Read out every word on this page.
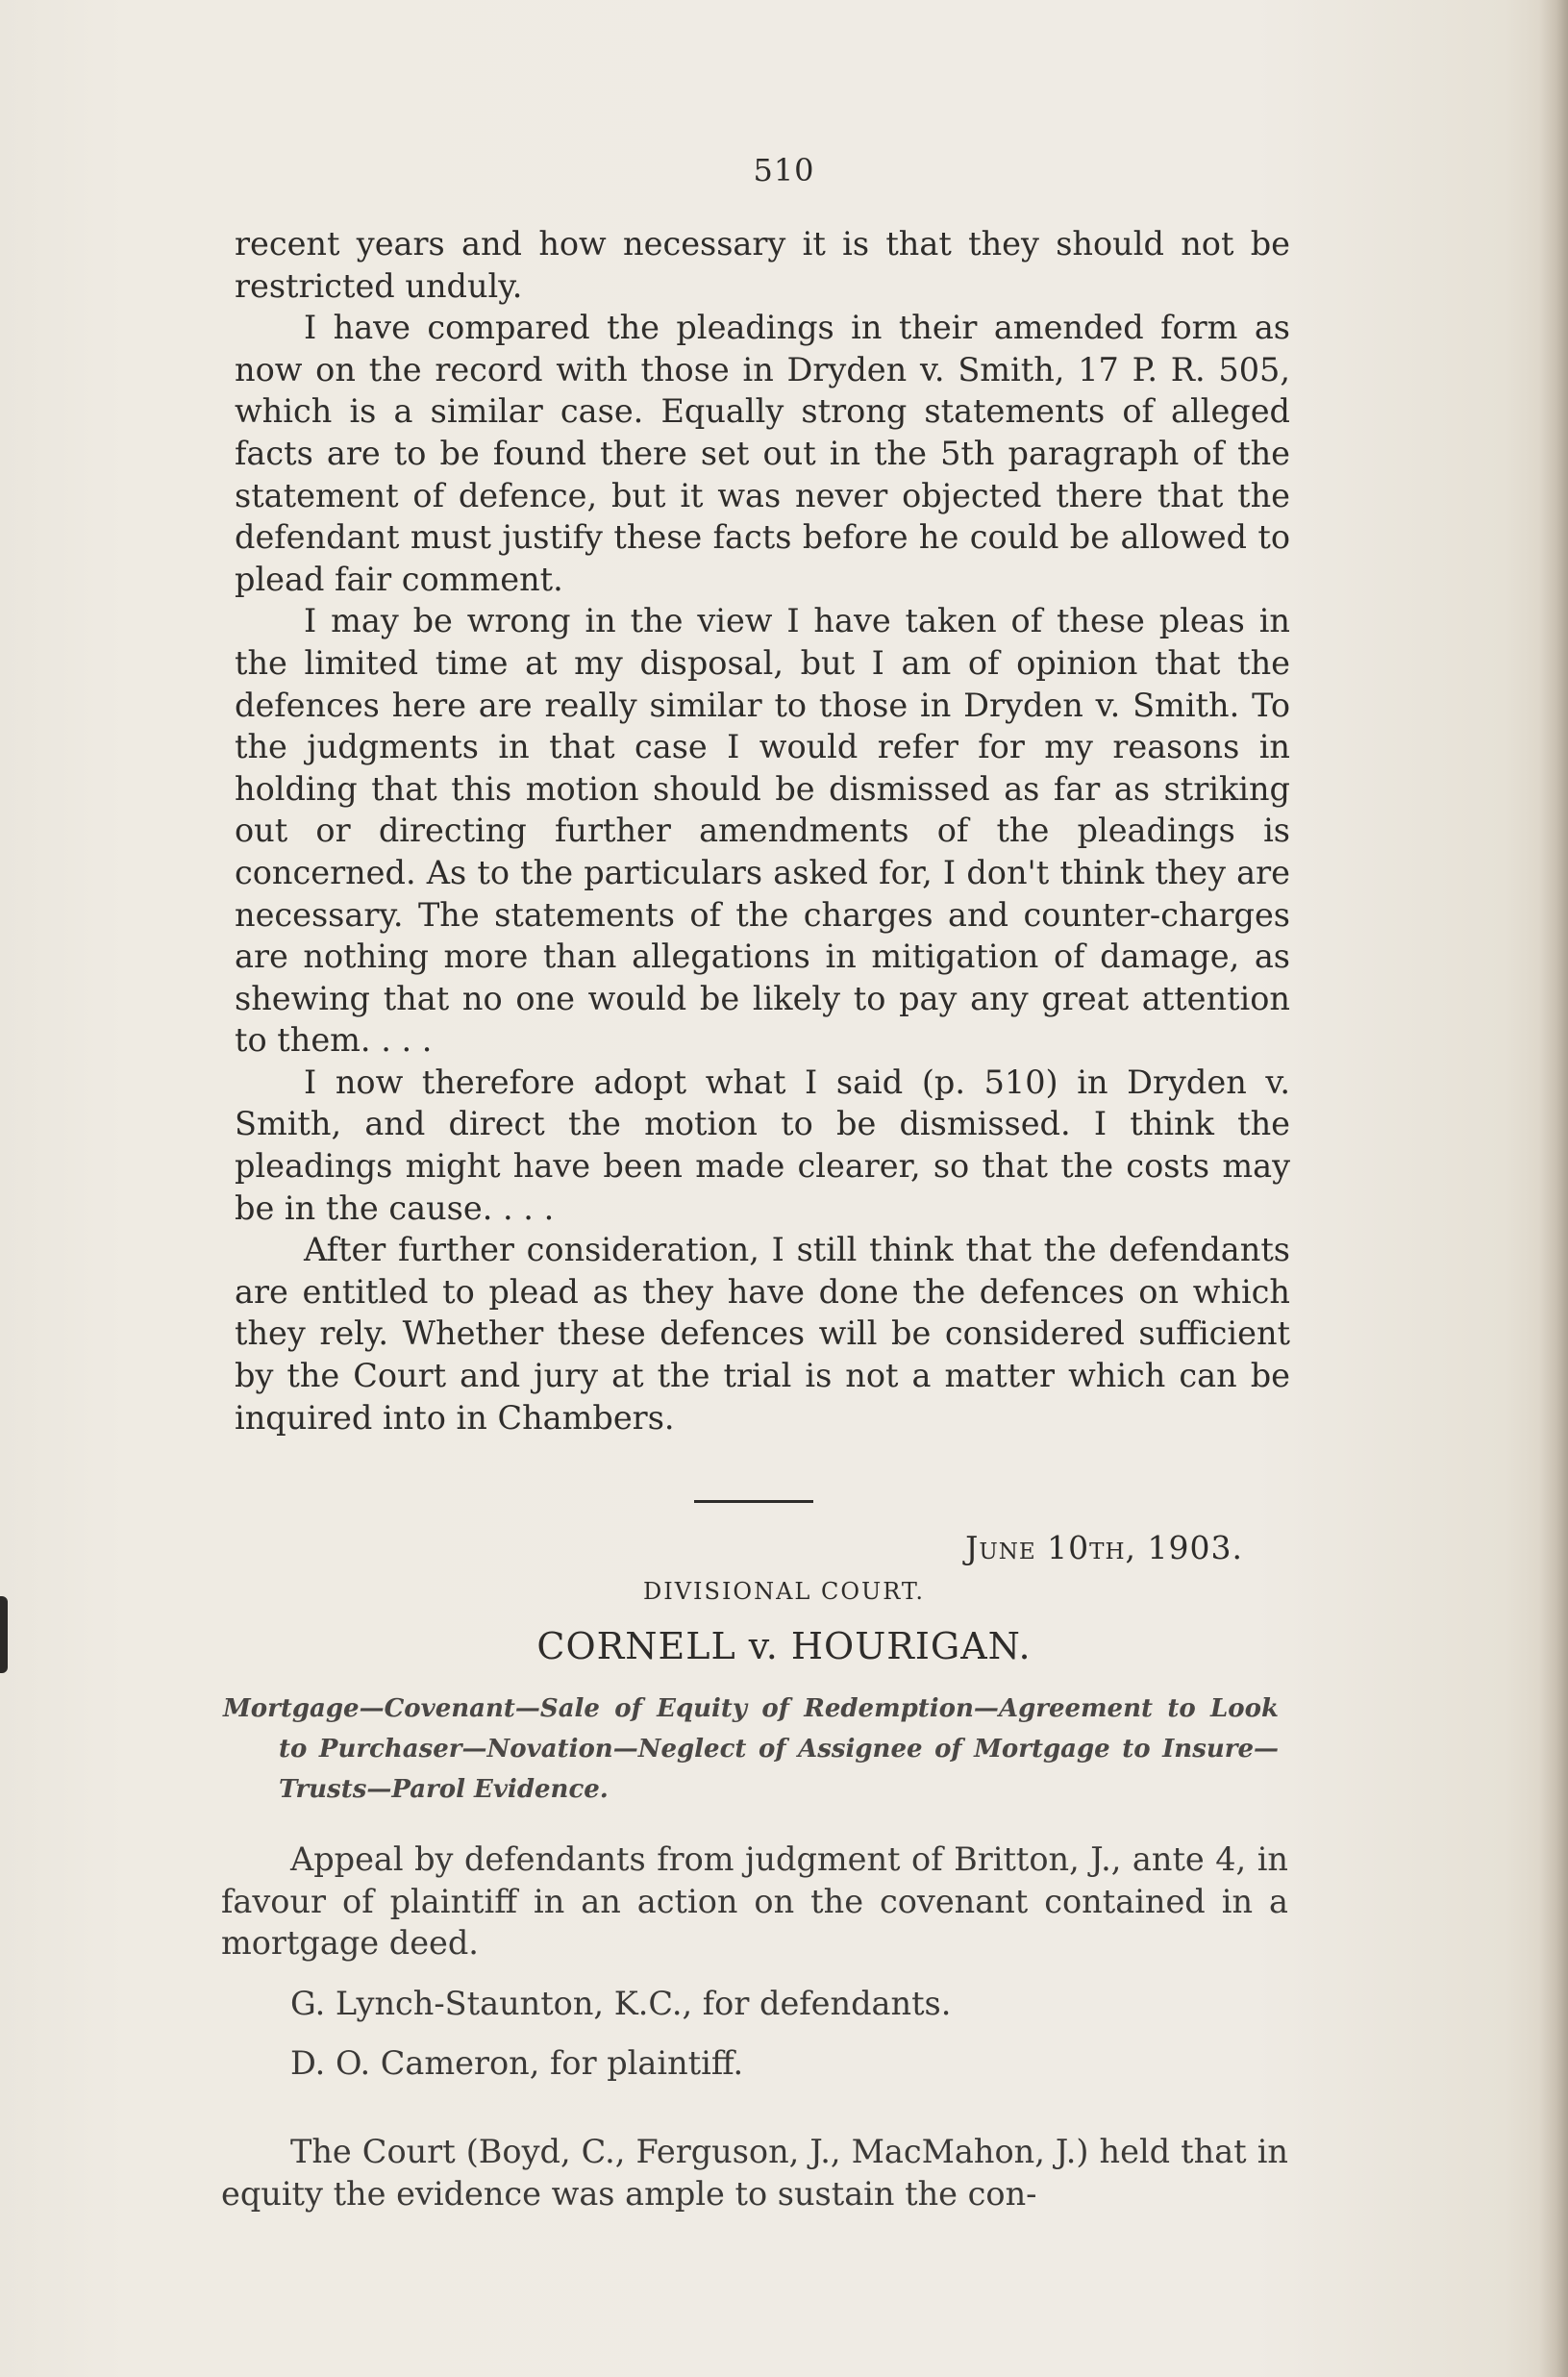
510

recent years and how necessary it is that they should not be restricted unduly.

I have compared the pleadings in their amended form as now on the record with those in Dryden v. Smith, 17 P. R. 505, which is a similar case. Equally strong statements of alleged facts are to be found there set out in the 5th paragraph of the statement of defence, but it was never objected there that the defendant must justify these facts before he could be allowed to plead fair comment.

I may be wrong in the view I have taken of these pleas in the limited time at my disposal, but I am of opinion that the defences here are really similar to those in Dryden v. Smith. To the judgments in that case I would refer for my reasons in holding that this motion should be dismissed as far as striking out or directing further amendments of the pleadings is concerned. As to the particulars asked for, I don't think they are necessary. The statements of the charges and counter-charges are nothing more than allegations in mitigation of damage, as shewing that no one would be likely to pay any great attention to them. . . .

I now therefore adopt what I said (p. 510) in Dryden v. Smith, and direct the motion to be dismissed. I think the pleadings might have been made clearer, so that the costs may be in the cause. . . .

After further consideration, I still think that the defendants are entitled to plead as they have done the defences on which they rely. Whether these defences will be considered sufficient by the Court and jury at the trial is not a matter which can be inquired into in Chambers.

June 10th, 1903.
DIVISIONAL COURT.
CORNELL v. HOURIGAN.
Mortgage—Covenant—Sale of Equity of Redemption—Agreement to Look to Purchaser—Novation—Neglect of Assignee of Mortgage to Insure—Trusts—Parol Evidence.

Appeal by defendants from judgment of Britton, J., ante 4, in favour of plaintiff in an action on the covenant contained in a mortgage deed.

G. Lynch-Staunton, K.C., for defendants.

D. O. Cameron, for plaintiff.

The Court (Boyd, C., Ferguson, J., MacMahon, J.) held that in equity the evidence was ample to sustain the con-
